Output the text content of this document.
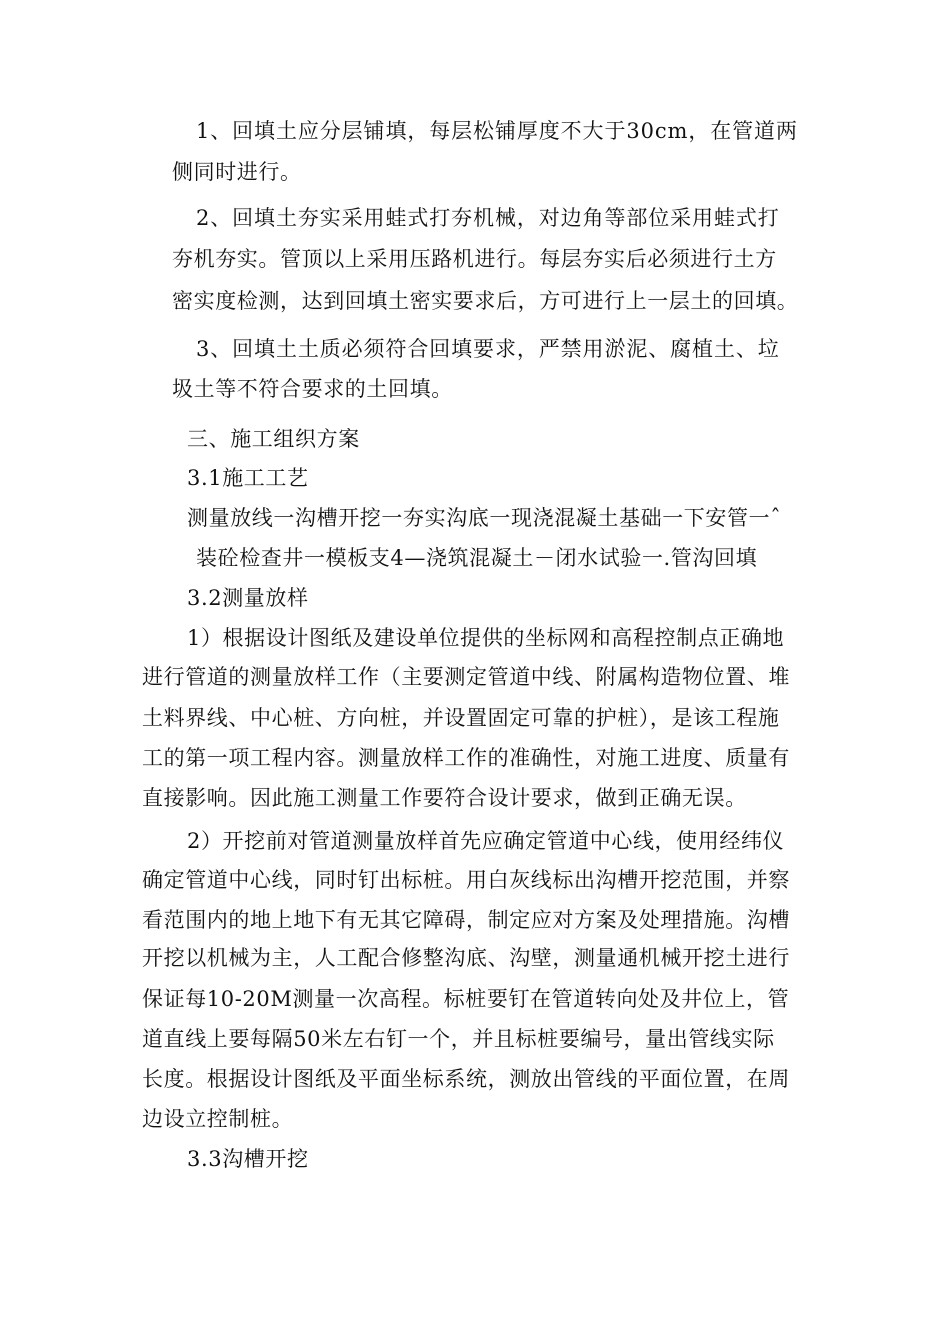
1、回填土应分层铺填，每层松铺厚度不大于30cm，在管道两
侧同时进行。
2、回填土夯实采用蛙式打夯机械，对边角等部位采用蛙式打
夯机夯实。管顶以上采用压路机进行。每层夯实后必须进行土方
密实度检测，达到回填土密实要求后，方可进行上一层土的回填。
3、回填土土质必须符合回填要求，严禁用淤泥、腐植土、垃
圾土等不符合要求的土回填。
三、施工组织方案
3.1施工工艺
测量放线一沟槽开挖一夯实沟底一现浇混凝土基础一下安管一ˆ
装砼检查井一模板支4—浇筑混凝土－闭水试验一.管沟回填
3.2测量放样
1）根据设计图纸及建设单位提供的坐标网和高程控制点正确地
进行管道的测量放样工作（主要测定管道中线、附属构造物位置、堆
土料界线、中心桩、方向桩，并设置固定可靠的护桩），是该工程施
工的第一项工程内容。测量放样工作的准确性，对施工进度、质量有
直接影响。因此施工测量工作要符合设计要求，做到正确无误。
2）开挖前对管道测量放样首先应确定管道中心线，使用经纬仪
确定管道中心线，同时钉出标桩。用白灰线标出沟槽开挖范围，并察
看范围内的地上地下有无其它障碍，制定应对方案及处理措施。沟槽
开挖以机械为主，人工配合修整沟底、沟壁，测量通机械开挖土进行
保证每10-20M测量一次高程。标桩要钉在管道转向处及井位上，管
道直线上要每隔50米左右钉一个，并且标桩要编号，量出管线实际
长度。根据设计图纸及平面坐标系统，测放出管线的平面位置，在周
边设立控制桩。
3.3沟槽开挖
